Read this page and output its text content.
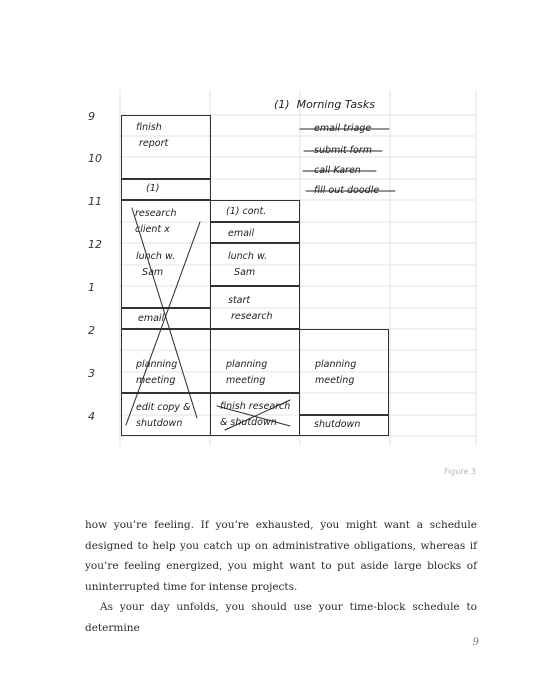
9
10
11
12
1
2
3
4
(1)  Morning Tasks
email triage
submit form
call Karen
fill out doodle
finish
report
(1)
research
client x
lunch w.
Sam
email
planning
meeting
edit copy &
shutdown
(1) cont.
email
lunch w.
Sam
start
research
planning
meeting
finish research
& shutdown
planning
meeting
shutdown
Figure 3

how you’re feeling. If you’re exhausted, you might want a schedule designed to help you catch up on administrative obligations, whereas if you’re feeling energized, you might want to put aside large blocks of uninterrupted time for intense projects.

As your day unfolds, you should use your time-block schedule to determine

9
